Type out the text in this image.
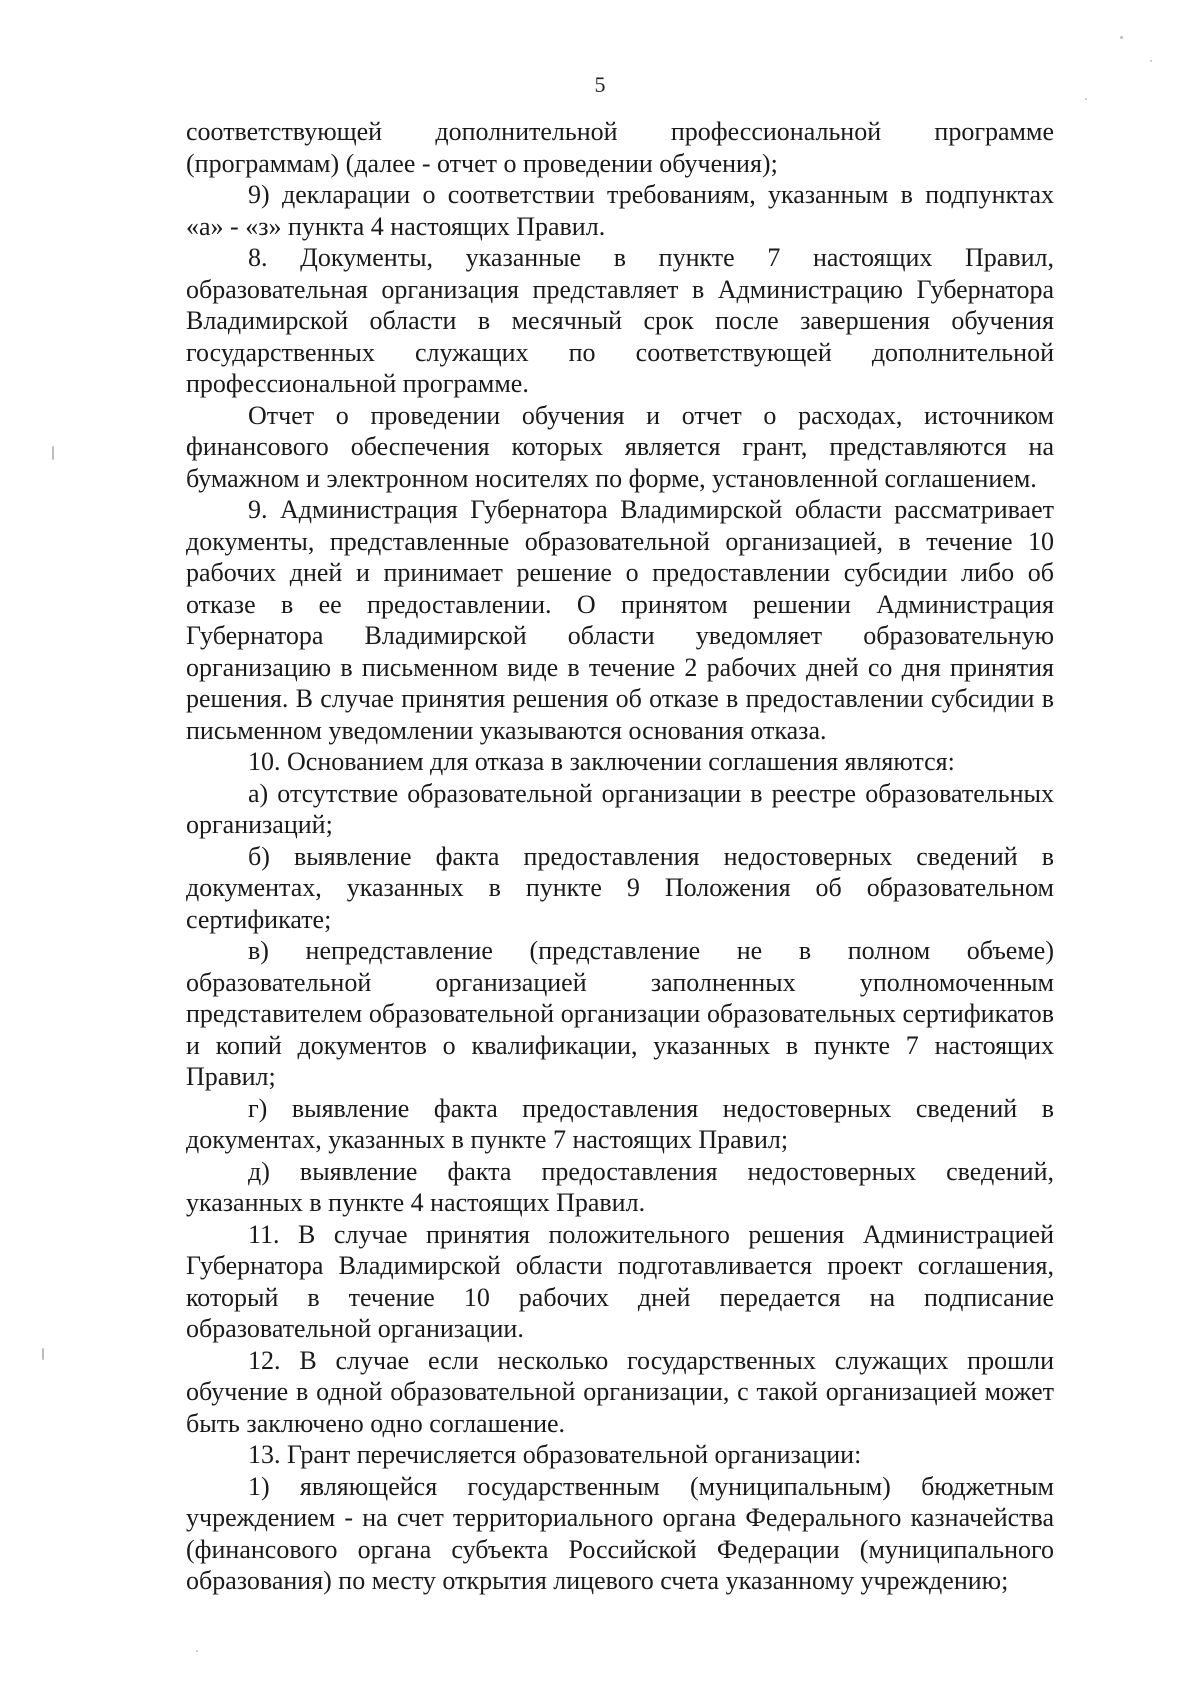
5

соответствующей дополнительной профессиональной программе (программам) (далее - отчет о проведении обучения);

9) декларации о соответствии требованиям, указанным в подпунктах «а» - «з» пункта 4 настоящих Правил.

8. Документы, указанные в пункте 7 настоящих Правил, образовательная организация представляет в Администрацию Губернатора Владимирской области в месячный срок после завершения обучения государственных служащих по соответствующей дополнительной профессиональной программе.

Отчет о проведении обучения и отчет о расходах, источником финансового обеспечения которых является грант, представляются на бумажном и электронном носителях по форме, установленной соглашением.

9. Администрация Губернатора Владимирской области рассматривает документы, представленные образовательной организацией, в течение 10 рабочих дней и принимает решение о предоставлении субсидии либо об отказе в ее предоставлении. О принятом решении Администрация Губернатора Владимирской области уведомляет образовательную организацию в письменном виде в течение 2 рабочих дней со дня принятия решения. В случае принятия решения об отказе в предоставлении субсидии в письменном уведомлении указываются основания отказа.

10. Основанием для отказа в заключении соглашения являются:

а) отсутствие образовательной организации в реестре образовательных организаций;

б) выявление факта предоставления недостоверных сведений в документах, указанных в пункте 9 Положения об образовательном сертификате;

в) непредставление (представление не в полном объеме) образовательной организацией заполненных уполномоченным представителем образовательной организации образовательных сертификатов и копий документов о квалификации, указанных в пункте 7 настоящих Правил;

г) выявление факта предоставления недостоверных сведений в документах, указанных в пункте 7 настоящих Правил;

д) выявление факта предоставления недостоверных сведений, указанных в пункте 4 настоящих Правил.

11. В случае принятия положительного решения Администрацией Губернатора Владимирской области подготавливается проект соглашения, который в течение 10 рабочих дней передается на подписание образовательной организации.

12. В случае если несколько государственных служащих прошли обучение в одной образовательной организации, с такой организацией может быть заключено одно соглашение.

13. Грант перечисляется образовательной организации:

1) являющейся государственным (муниципальным) бюджетным учреждением - на счет территориального органа Федерального казначейства (финансового органа субъекта Российской Федерации (муниципального образования) по месту открытия лицевого счета указанному учреждению;
